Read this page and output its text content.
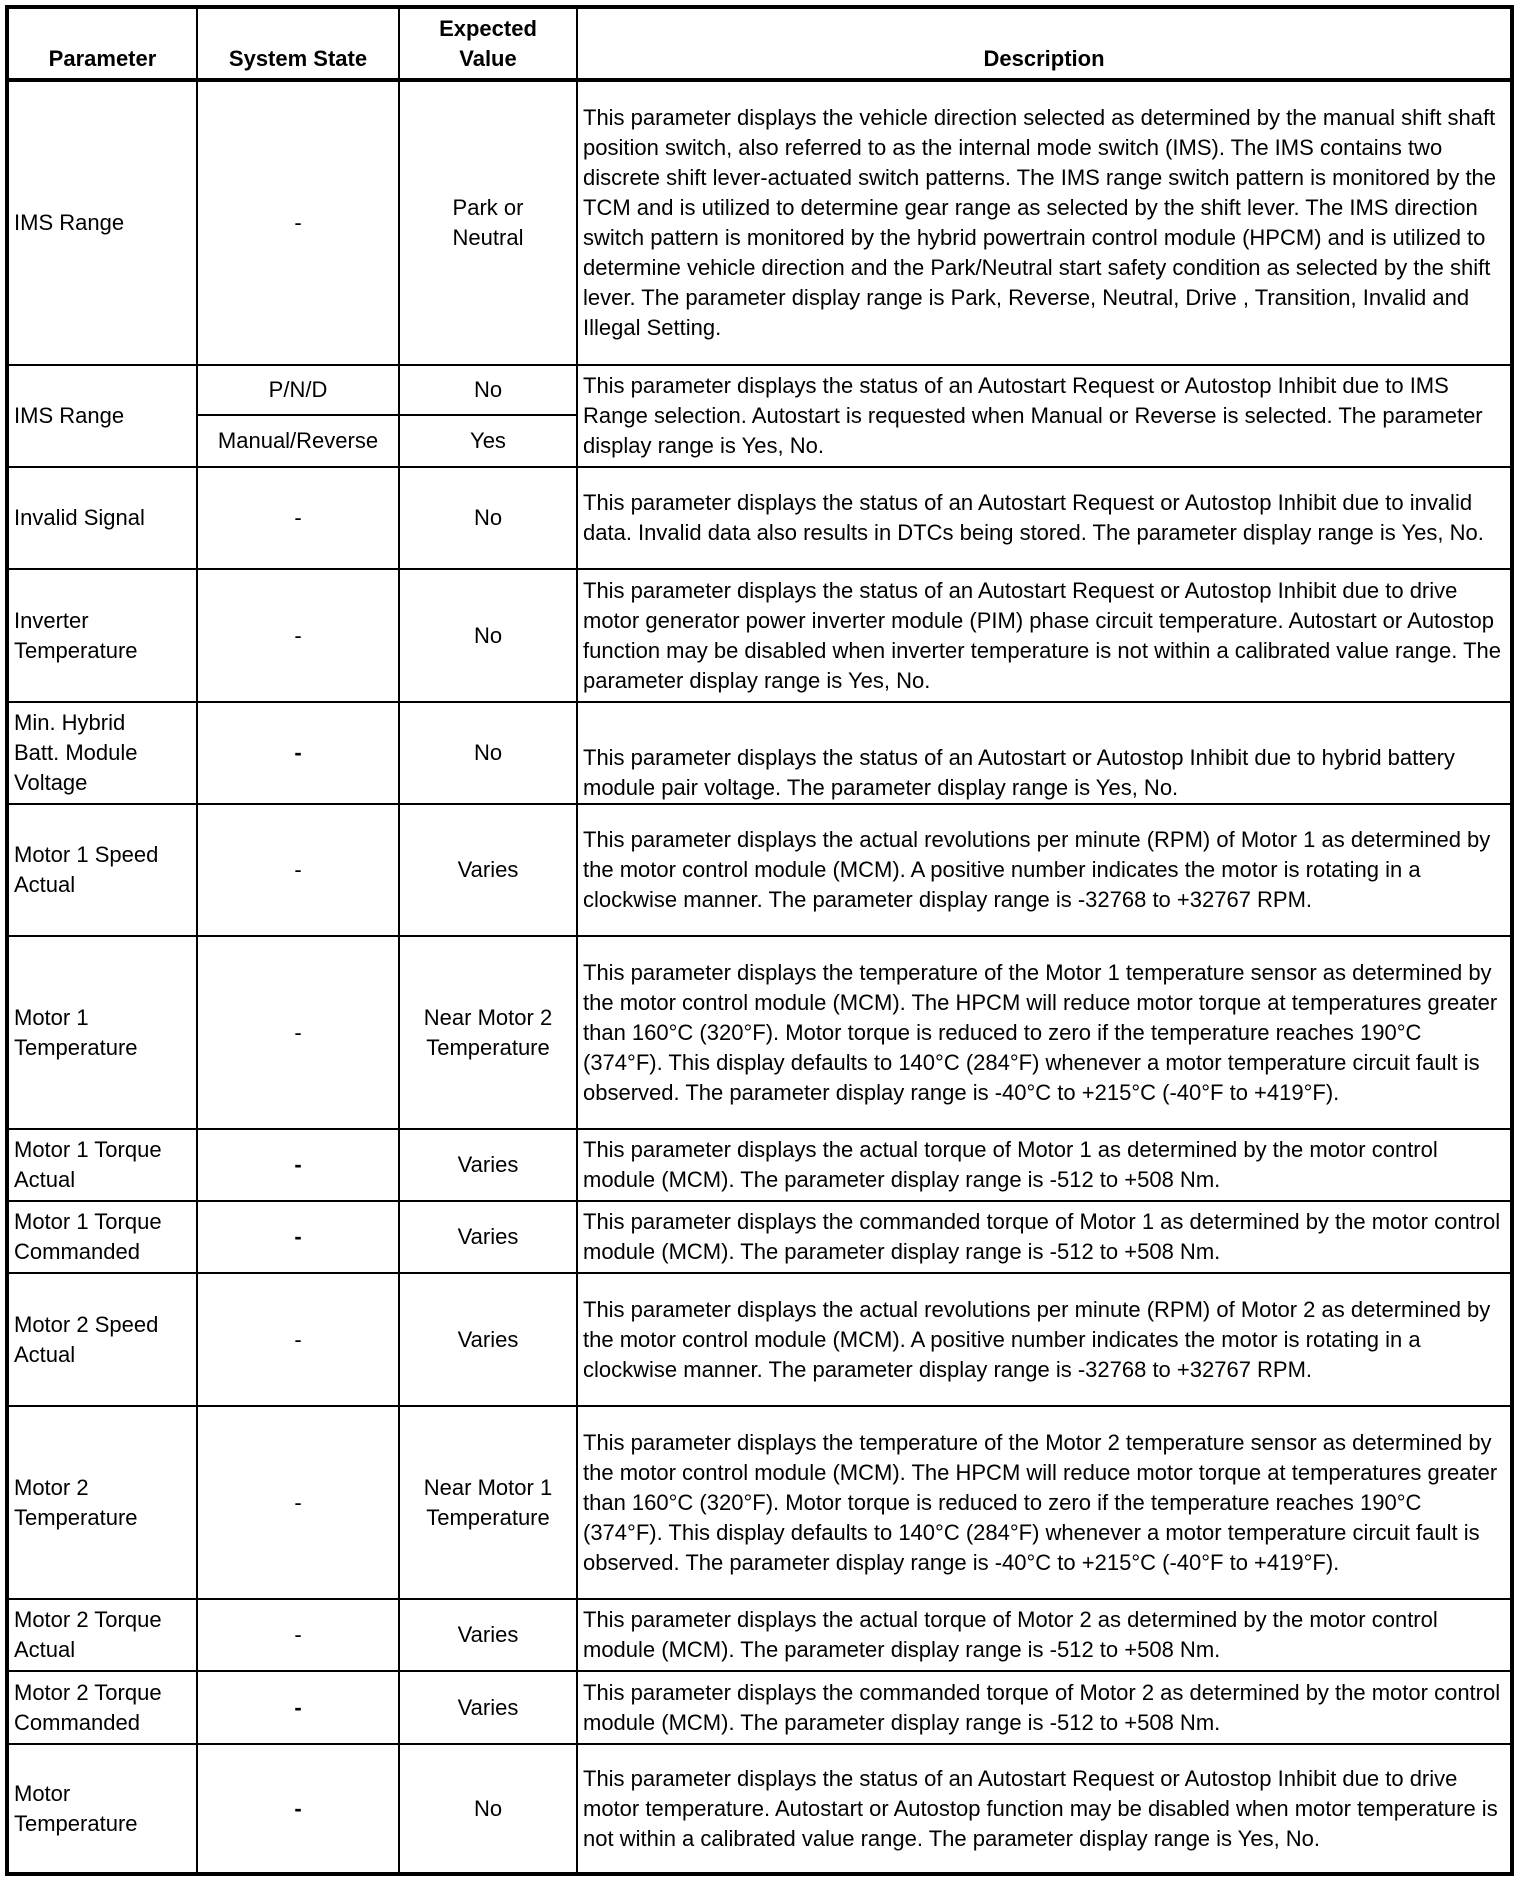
Parameter	System State	Expected Value	Description
IMS Range	-	Park or Neutral	This parameter displays the vehicle direction selected as determined by the manual shift shaft position switch, also referred to as the internal mode switch (IMS). The IMS contains two discrete shift lever-actuated switch patterns. The IMS range switch pattern is monitored by the TCM and is utilized to determine gear range as selected by the shift lever. The IMS direction switch pattern is monitored by the hybrid powertrain control module (HPCM) and is utilized to determine vehicle direction and the Park/Neutral start safety condition as selected by the shift lever. The parameter display range is Park, Reverse, Neutral, Drive , Transition, Invalid and Illegal Setting.
IMS Range	P/N/D	No	This parameter displays the status of an Autostart Request or Autostop Inhibit due to IMS Range selection. Autostart is requested when Manual or Reverse is selected. The parameter display range is Yes, No.
	Manual/Reverse	Yes	
Invalid Signal	-	No	This parameter displays the status of an Autostart Request or Autostop Inhibit due to invalid data. Invalid data also results in DTCs being stored. The parameter display range is Yes, No.
Inverter Temperature	-	No	This parameter displays the status of an Autostart Request or Autostop Inhibit due to drive motor generator power inverter module (PIM) phase circuit temperature. Autostart or Autostop function may be disabled when inverter temperature is not within a calibrated value range. The parameter display range is Yes, No.
Min. Hybrid Batt. Module Voltage	-	No	This parameter displays the status of an Autostart or Autostop Inhibit due to hybrid battery module pair voltage. The parameter display range is Yes, No.
Motor 1 Speed Actual	-	Varies	This parameter displays the actual revolutions per minute (RPM) of Motor 1 as determined by the motor control module (MCM). A positive number indicates the motor is rotating in a clockwise manner. The parameter display range is -32768 to +32767 RPM.
Motor 1 Temperature	-	Near Motor 2 Temperature	This parameter displays the temperature of the Motor 1 temperature sensor as determined by the motor control module (MCM). The HPCM will reduce motor torque at temperatures greater than 160°C (320°F). Motor torque is reduced to zero if the temperature reaches 190°C (374°F). This display defaults to 140°C (284°F) whenever a motor temperature circuit fault is observed. The parameter display range is -40°C to +215°C (-40°F to +419°F).
Motor 1 Torque Actual	-	Varies	This parameter displays the actual torque of Motor 1 as determined by the motor control module (MCM). The parameter display range is -512 to +508 Nm.
Motor 1 Torque Commanded	-	Varies	This parameter displays the commanded torque of Motor 1 as determined by the motor control module (MCM). The parameter display range is -512 to +508 Nm.
Motor 2 Speed Actual	-	Varies	This parameter displays the actual revolutions per minute (RPM) of Motor 2 as determined by the motor control module (MCM). A positive number indicates the motor is rotating in a clockwise manner. The parameter display range is -32768 to +32767 RPM.
Motor 2 Temperature	-	Near Motor 1 Temperature	This parameter displays the temperature of the Motor 2 temperature sensor as determined by the motor control module (MCM). The HPCM will reduce motor torque at temperatures greater than 160°C (320°F). Motor torque is reduced to zero if the temperature reaches 190°C (374°F). This display defaults to 140°C (284°F) whenever a motor temperature circuit fault is observed. The parameter display range is -40°C to +215°C (-40°F to +419°F).
Motor 2 Torque Actual	-	Varies	This parameter displays the actual torque of Motor 2 as determined by the motor control module (MCM). The parameter display range is -512 to +508 Nm.
Motor 2 Torque Commanded	-	Varies	This parameter displays the commanded torque of Motor 2 as determined by the motor control module (MCM). The parameter display range is -512 to +508 Nm.
Motor Temperature	-	No	This parameter displays the status of an Autostart Request or Autostop Inhibit due to drive motor temperature. Autostart or Autostop function may be disabled when motor temperature is not within a calibrated value range. The parameter display range is Yes, No.
